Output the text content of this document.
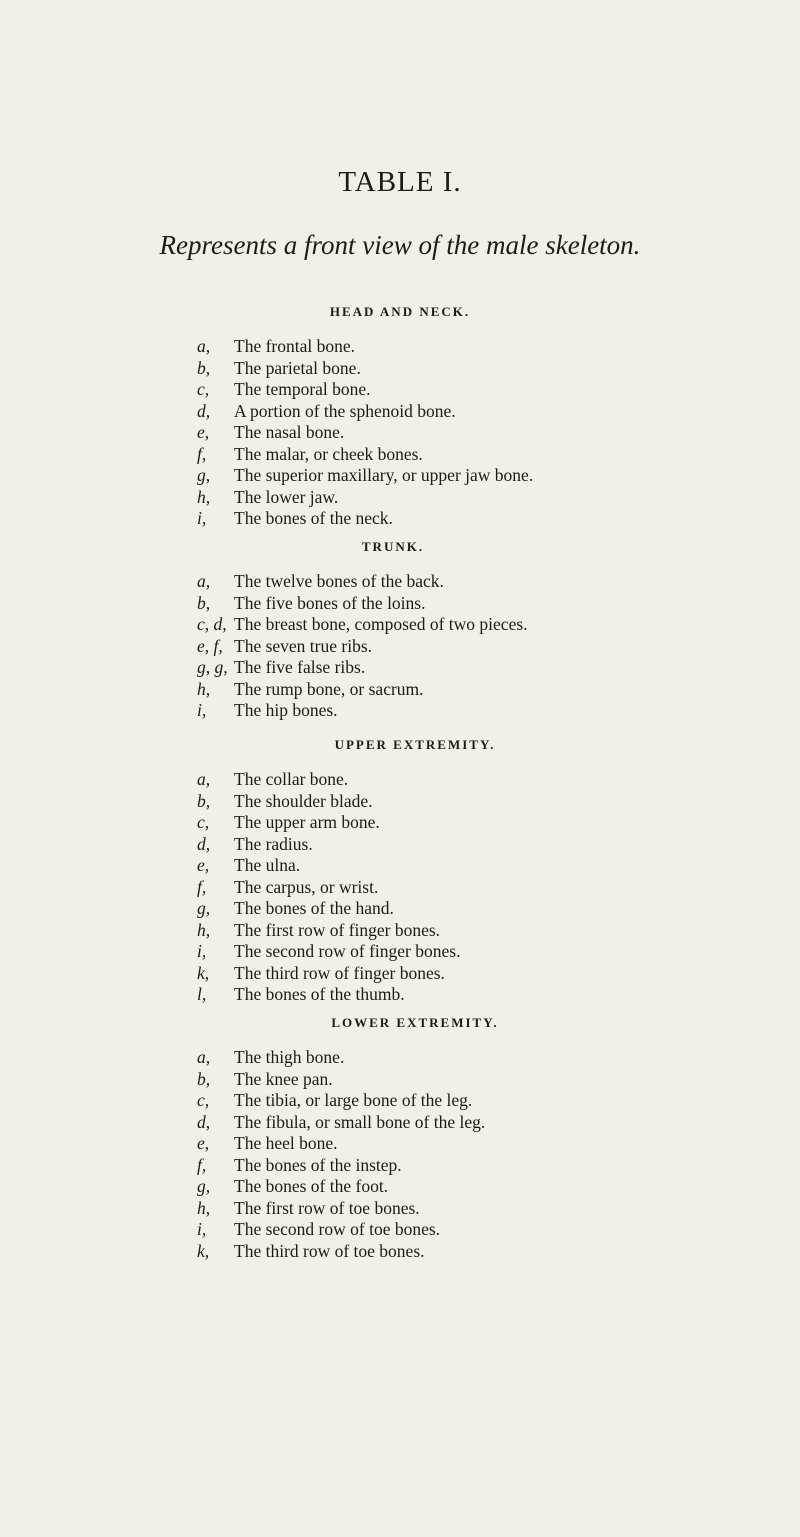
TABLE I.
Represents a front view of the male skeleton.
HEAD AND NECK.
a, The frontal bone.
b, The parietal bone.
c, The temporal bone.
d, A portion of the sphenoid bone.
e, The nasal bone.
f, The malar, or cheek bones.
g, The superior maxillary, or upper jaw bone.
h, The lower jaw.
i, The bones of the neck.
TRUNK.
a, The twelve bones of the back.
b, The five bones of the loins.
c, d, The breast bone, composed of two pieces.
e, f, The seven true ribs.
g, g, The five false ribs.
h, The rump bone, or sacrum.
i, The hip bones.
UPPER EXTREMITY.
a, The collar bone.
b, The shoulder blade.
c, The upper arm bone.
d, The radius.
e, The ulna.
f, The carpus, or wrist.
g, The bones of the hand.
h, The first row of finger bones.
i, The second row of finger bones.
k, The third row of finger bones.
l, The bones of the thumb.
LOWER EXTREMITY.
a, The thigh bone.
b, The knee pan.
c, The tibia, or large bone of the leg.
d, The fibula, or small bone of the leg.
e, The heel bone.
f, The bones of the instep.
g, The bones of the foot.
h, The first row of toe bones.
i, The second row of toe bones.
k, The third row of toe bones.
